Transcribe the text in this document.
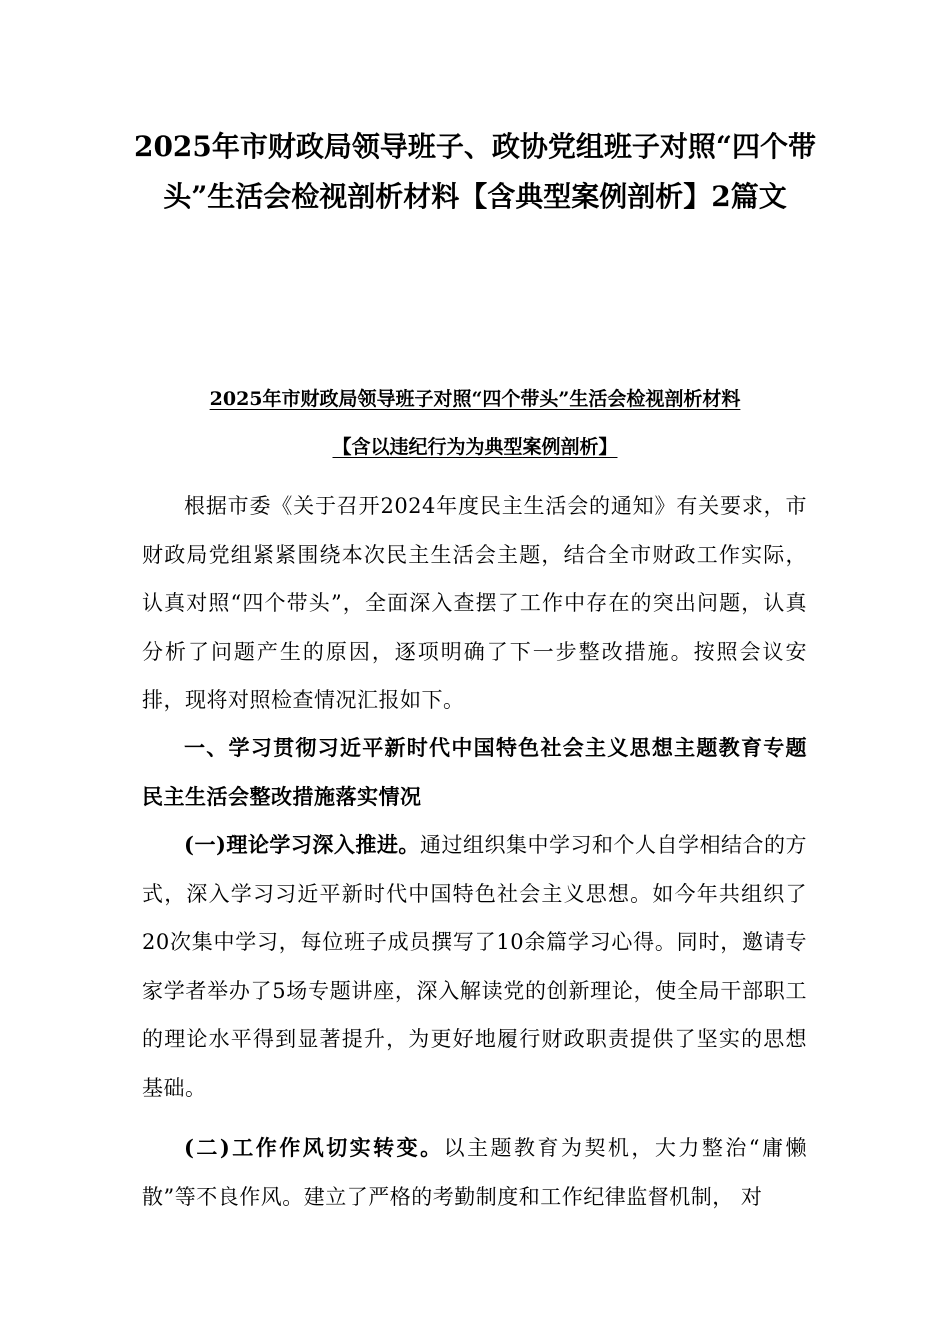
2025年市财政局领导班子、政协党组班子对照“四个带头”生活会检视剖析材料【含典型案例剖析】2篇文

2025年市财政局领导班子对照“四个带头”生活会检视剖析材料

【含以违纪行为为典型案例剖析】

根据市委《关于召开2024年度民主生活会的通知》有关要求，市财政局党组紧紧围绕本次民主生活会主题，结合全市财政工作实际，认真对照“四个带头”，全面深入查摆了工作中存在的突出问题，认真分析了问题产生的原因，逐项明确了下一步整改措施。按照会议安排，现将对照检查情况汇报如下。

一、学习贯彻习近平新时代中国特色社会主义思想主题教育专题民主生活会整改措施落实情况

(一)理论学习深入推进。通过组织集中学习和个人自学相结合的方式，深入学习习近平新时代中国特色社会主义思想。如今年共组织了20次集中学习，每位班子成员撰写了10余篇学习心得。同时，邀请专家学者举办了5场专题讲座，深入解读党的创新理论，使全局干部职工的理论水平得到显著提升，为更好地履行财政职责提供了坚实的思想基础。

(二)工作作风切实转变。以主题教育为契机，大力整治“庸懒散”等不良作风。建立了严格的考勤制度和工作纪律监督机制， 对
